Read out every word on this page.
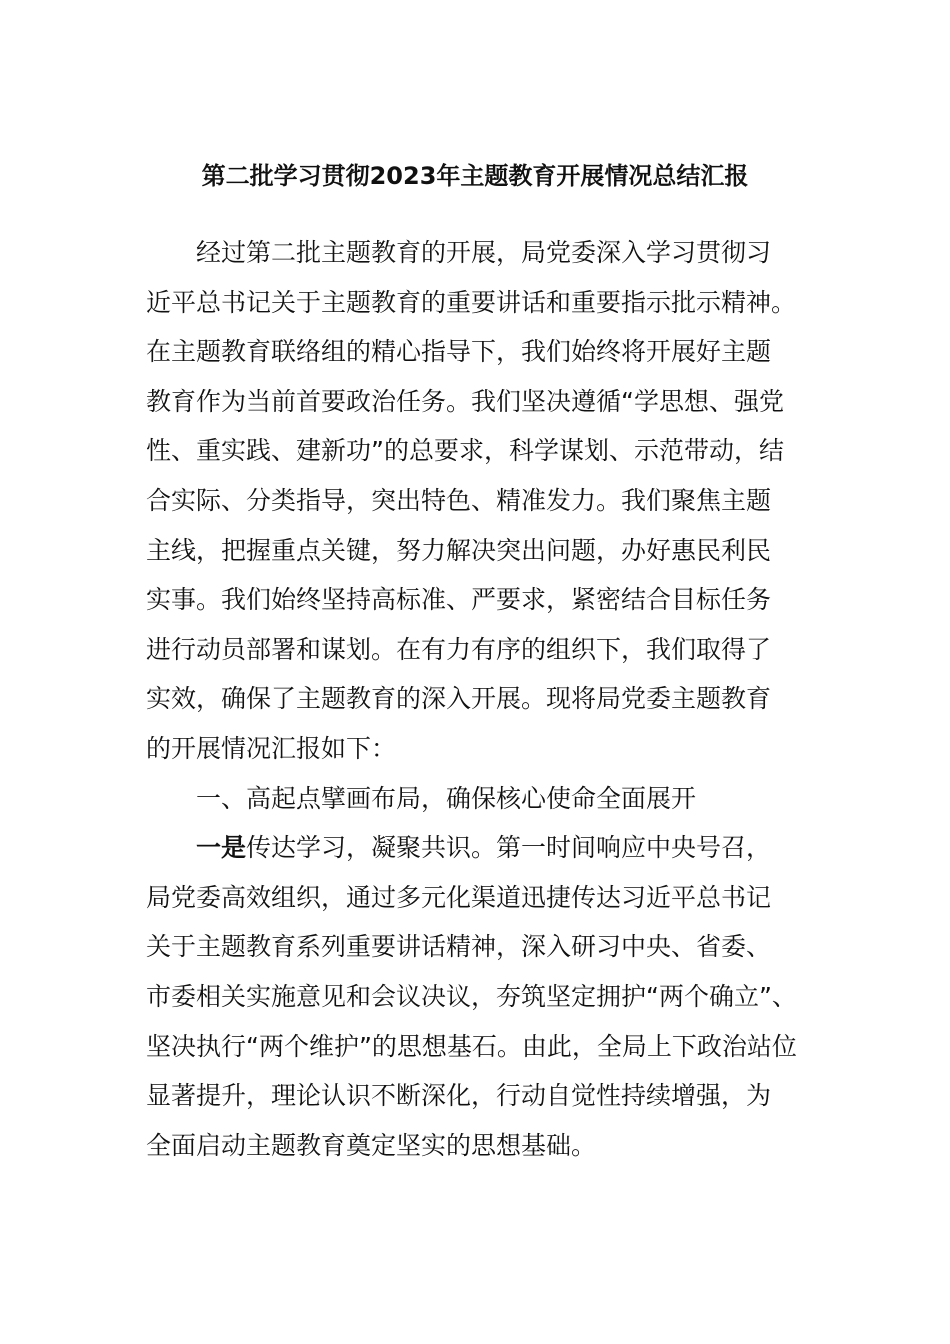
第二批学习贯彻2023年主题教育开展情况总结汇报
经过第二批主题教育的开展，局党委深入学习贯彻习
近平总书记关于主题教育的重要讲话和重要指示批示精神。
在主题教育联络组的精心指导下，我们始终将开展好主题
教育作为当前首要政治任务。我们坚决遵循“学思想、强党
性、重实践、建新功”的总要求，科学谋划、示范带动，结
合实际、分类指导，突出特色、精准发力。我们聚焦主题
主线，把握重点关键，努力解决突出问题，办好惠民利民
实事。我们始终坚持高标准、严要求，紧密结合目标任务
进行动员部署和谋划。在有力有序的组织下，我们取得了
实效，确保了主题教育的深入开展。现将局党委主题教育
的开展情况汇报如下：
一、高起点擘画布局，确保核心使命全面展开
一是传达学习，凝聚共识。第一时间响应中央号召，
局党委高效组织，通过多元化渠道迅捷传达习近平总书记
关于主题教育系列重要讲话精神，深入研习中央、省委、
市委相关实施意见和会议决议，夯筑坚定拥护“两个确立”、
坚决执行“两个维护”的思想基石。由此，全局上下政治站位
显著提升，理论认识不断深化，行动自觉性持续增强，为
全面启动主题教育奠定坚实的思想基础。
